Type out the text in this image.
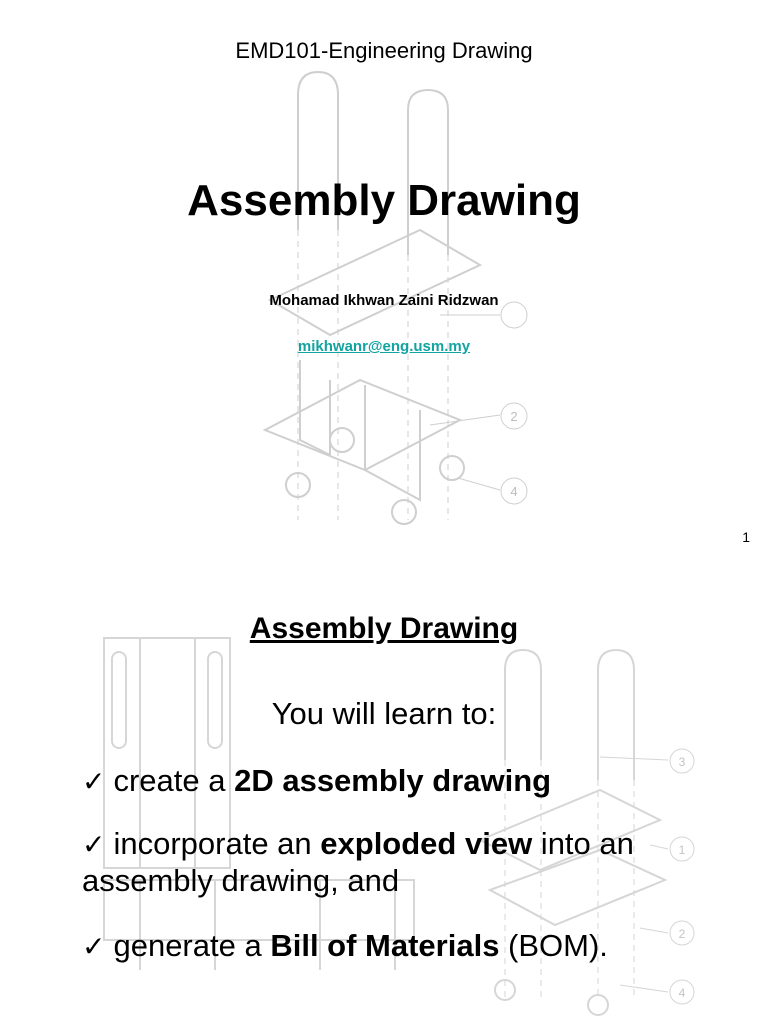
2
4
EMD101-Engineering Drawing
Assembly Drawing
Mohamad Ikhwan Zaini Ridzwan
mikhwanr@eng.usm.my
1
3
1
2
4
Assembly Drawing
You will learn to:
✓ create a 2D assembly drawing
✓ incorporate an exploded view into an assembly drawing, and
✓ generate a Bill of Materials (BOM).
